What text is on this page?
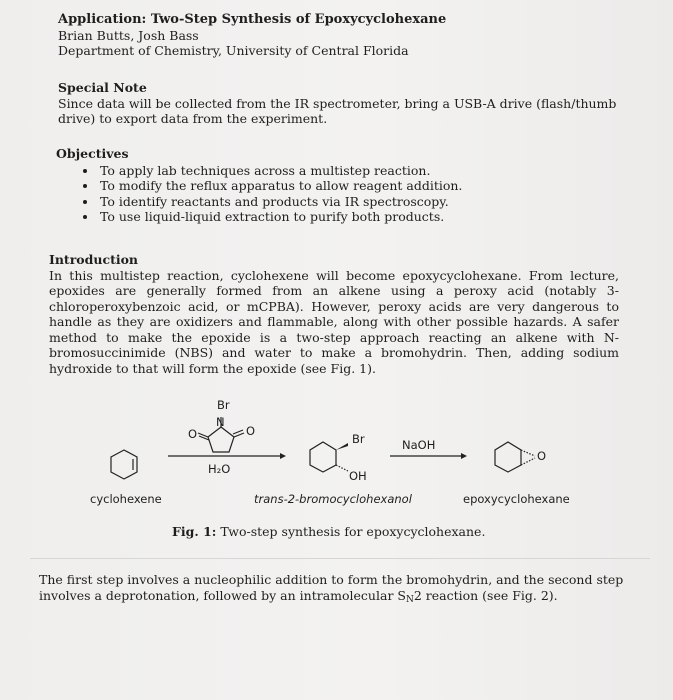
Application: Two-Step Synthesis of Epoxycyclohexane
Brian Butts, Josh Bass
Department of Chemistry, University of Central Florida
Special Note
Since data will be collected from the IR spectrometer, bring a USB-A drive (flash/thumb drive) to export data from the experiment.
Objectives
• To apply lab techniques across a multistep reaction.
• To modify the reflux apparatus to allow reagent addition.
• To identify reactants and products via IR spectroscopy.
• To use liquid-liquid extraction to purify both products.
Introduction
In this multistep reaction, cyclohexene will become epoxycyclohexane. From lecture, epoxides are generally formed from an alkene using a peroxy acid (notably 3-chloroperoxybenzoic acid, or mCPBA). However, peroxy acids are very dangerous to handle as they are oxidizers and flammable, along with other possible hazards. A safer method to make the epoxide is a two-step approach reacting an alkene with N-bromosuccinimide (NBS) and water to make a bromohydrin. Then, adding sodium hydroxide to that will form the epoxide (see Fig. 1).
Br
N
O	O
H₂O
Br
OH
NaOH
O
cyclohexene	trans-2-bromocyclohexanol	epoxycyclohexane
Fig. 1: Two-step synthesis for epoxycyclohexane.
The first step involves a nucleophilic addition to form the bromohydrin, and the second step involves a deprotonation, followed by an intramolecular $S_N2$ reaction (see Fig. 2).
